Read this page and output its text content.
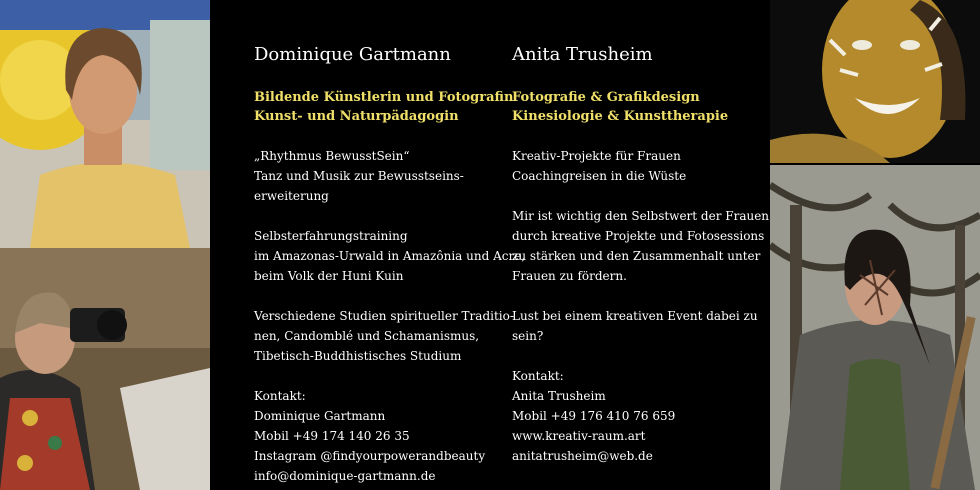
Dominique Gartmann
Bildende Künstlerin und Fotografin
Kunst- und Naturpädagogin
„Rhythmus BewusstSein“
Tanz und Musik zur Bewusstseins-
erweiterung
Selbsterfahrungstraining
im Amazonas-Urwald in Amazônia und Acre,
beim Volk der Huni Kuin
Verschiedene Studien spiritueller Traditio-
nen, Candomblé und Schamanismus,
Tibetisch-Buddhistisches Studium
Kontakt:
Dominique Gartmann
Mobil +49 174 140 26 35
Instagram @findyourpowerandbeauty
info@dominique-gartmann.de
Anita Trusheim
Fotografie & Grafikdesign
Kinesiologie & Kunsttherapie
Kreativ-Projekte für Frauen
Coachingreisen in die Wüste
Mir ist wichtig den Selbstwert der Frauen
durch kreative Projekte und Fotosessions
zu stärken und den Zusammenhalt unter
Frauen zu fördern.
Lust bei einem kreativen Event dabei zu
sein?
Kontakt:
Anita Trusheim
Mobil +49 176 410 76 659
www.kreativ-raum.art
anitatrusheim@web.de
